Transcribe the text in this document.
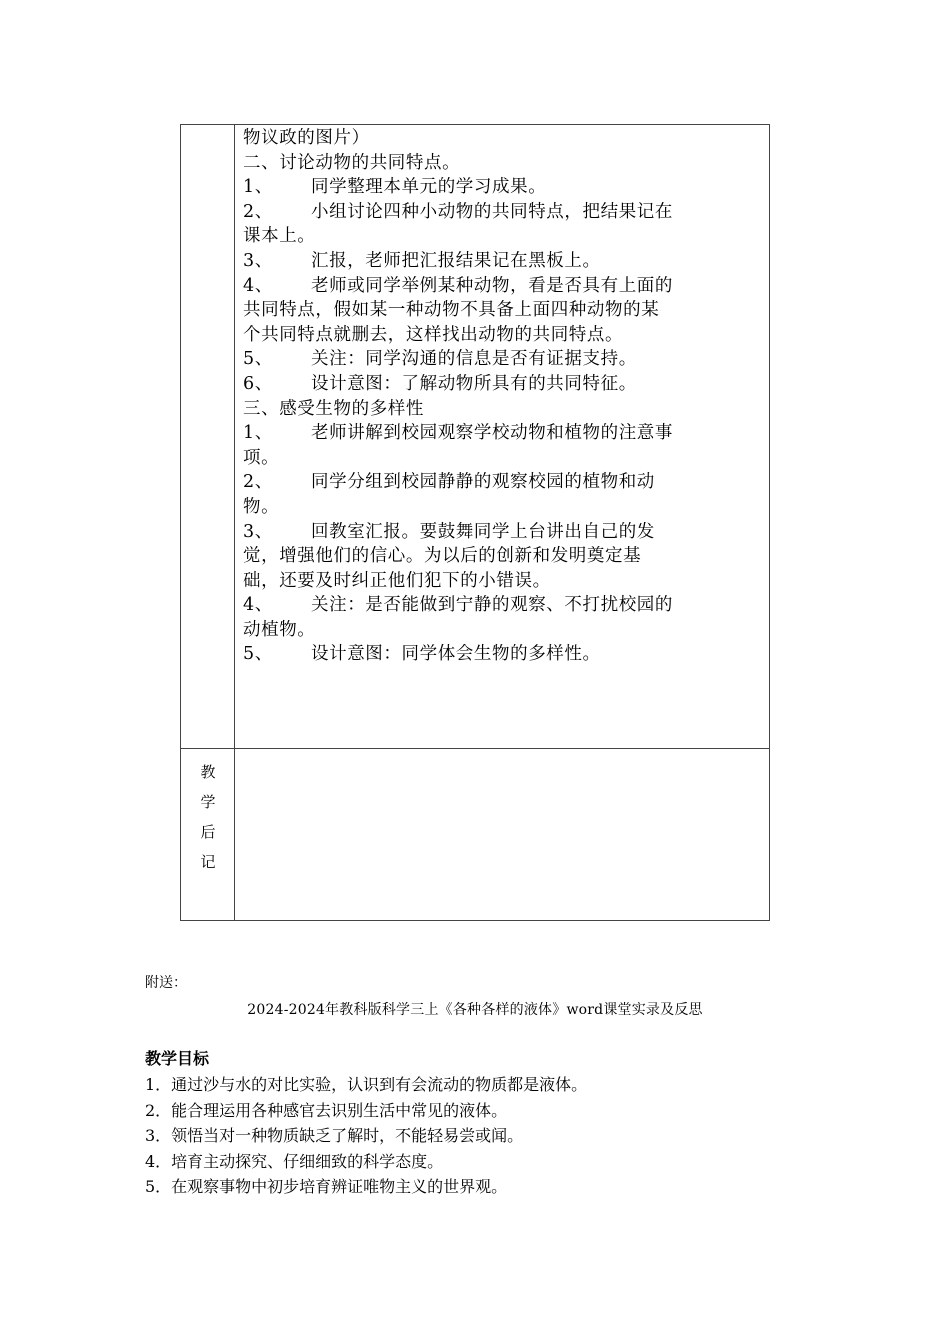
物议政的图片）
二、讨论动物的共同特点。
1、 同学整理本单元的学习成果。
2、 小组讨论四种小动物的共同特点，把结果记在
课本上。
3、 汇报，老师把汇报结果记在黑板上。
4、 老师或同学举例某种动物，看是否具有上面的
共同特点，假如某一种动物不具备上面四种动物的某
个共同特点就删去，这样找出动物的共同特点。
5、 关注：同学沟通的信息是否有证据支持。
6、 设计意图：了解动物所具有的共同特征。
三、感受生物的多样性
1、 老师讲解到校园观察学校动物和植物的注意事
项。
2、 同学分组到校园静静的观察校园的植物和动
物。
3、 回教室汇报。要鼓舞同学上台讲出自己的发
觉，增强他们的信心。为以后的创新和发明奠定基
础，还要及时纠正他们犯下的小错误。
4、 关注：是否能做到宁静的观察、不打扰校园的
动植物。
5、 设计意图：同学体会生物的多样性。
教
学
后
记
附送：
2024-2024年教科版科学三上《各种各样的液体》word课堂实录及反思
教学目标
1．通过沙与水的对比实验，认识到有会流动的物质都是液体。
2．能合理运用各种感官去识别生活中常见的液体。
3．领悟当对一种物质缺乏了解时，不能轻易尝或闻。
4．培育主动探究、仔细细致的科学态度。
5．在观察事物中初步培育辨证唯物主义的世界观。
